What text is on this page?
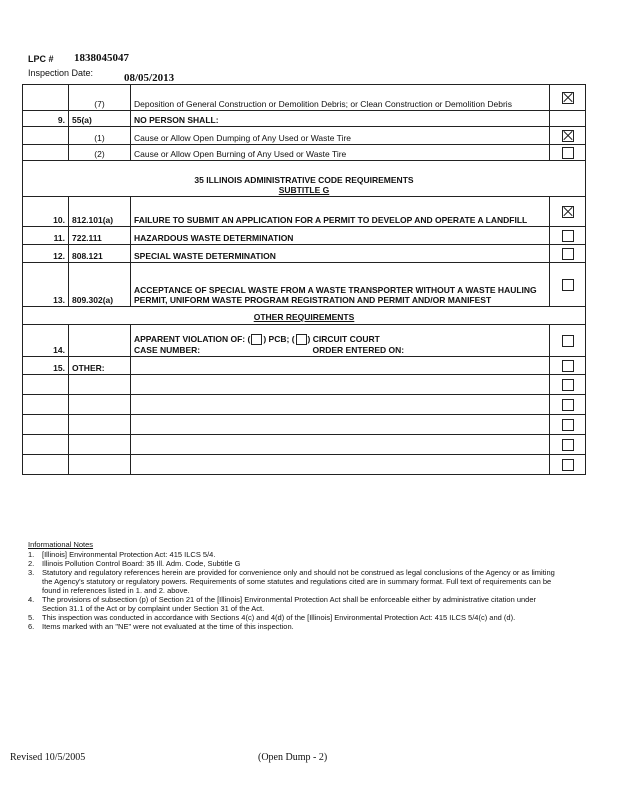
LPC # 1838045047
Inspection Date:	08/05/2013
	(7)	Deposition of General Construction or Demolition Debris; or Clean Construction or Demolition Debris	
9.	55(a)	NO PERSON SHALL:	
	(1)	Cause or Allow Open Dumping of Any Used or Waste Tire	
	(2)	Cause or Allow Open Burning of Any Used or Waste Tire	

35 ILLINOIS ADMINISTRATIVE CODE REQUIREMENTS
SUBTITLE G			

10.	812.101(a)	FAILURE TO SUBMIT AN APPLICATION FOR A PERMIT TO DEVELOP AND OPERATE A LANDFILL	
11.	722.111	HAZARDOUS WASTE DETERMINATION	
12.	808.121	SPECIAL WASTE DETERMINATION	
13.	809.302(a)	ACCEPTANCE OF SPECIAL WASTE FROM A WASTE TRANSPORTER WITHOUT A WASTE HAULING PERMIT, UNIFORM WASTE PROGRAM REGISTRATION AND PERMIT AND/OR MANIFEST	
OTHER REQUIREMENTS			
14.		APPARENT VIOLATION OF: ( ) PCB; ( ) CIRCUIT COURT
CASE NUMBER: ORDER ENTERED ON:	

15.	OTHER:		

Informational Notes
1.	[Illinois] Environmental Protection Act: 415 ILCS 5/4.
2.	Illinois Pollution Control Board: 35 Ill. Adm. Code, Subtitle G
3.	Statutory and regulatory references herein are provided for convenience only and should not be construed as legal conclusions of the Agency or as limiting the Agency's statutory or regulatory powers. Requirements of some statutes and regulations cited are in summary format. Full text of requirements can be found in references listed in 1. and 2. above.
4.	The provisions of subsection (p) of Section 21 of the [Illinois] Environmental Protection Act shall be enforceable either by administrative citation under Section 31.1 of the Act or by complaint under Section 31 of the Act.
5.	This inspection was conducted in accordance with Sections 4(c) and 4(d) of the [Illinois] Environmental Protection Act: 415 ILCS 5/4(c) and (d).
6.	Items marked with an "NE" were not evaluated at the time of this inspection.
Revised 10/5/2005	(Open Dump - 2)
